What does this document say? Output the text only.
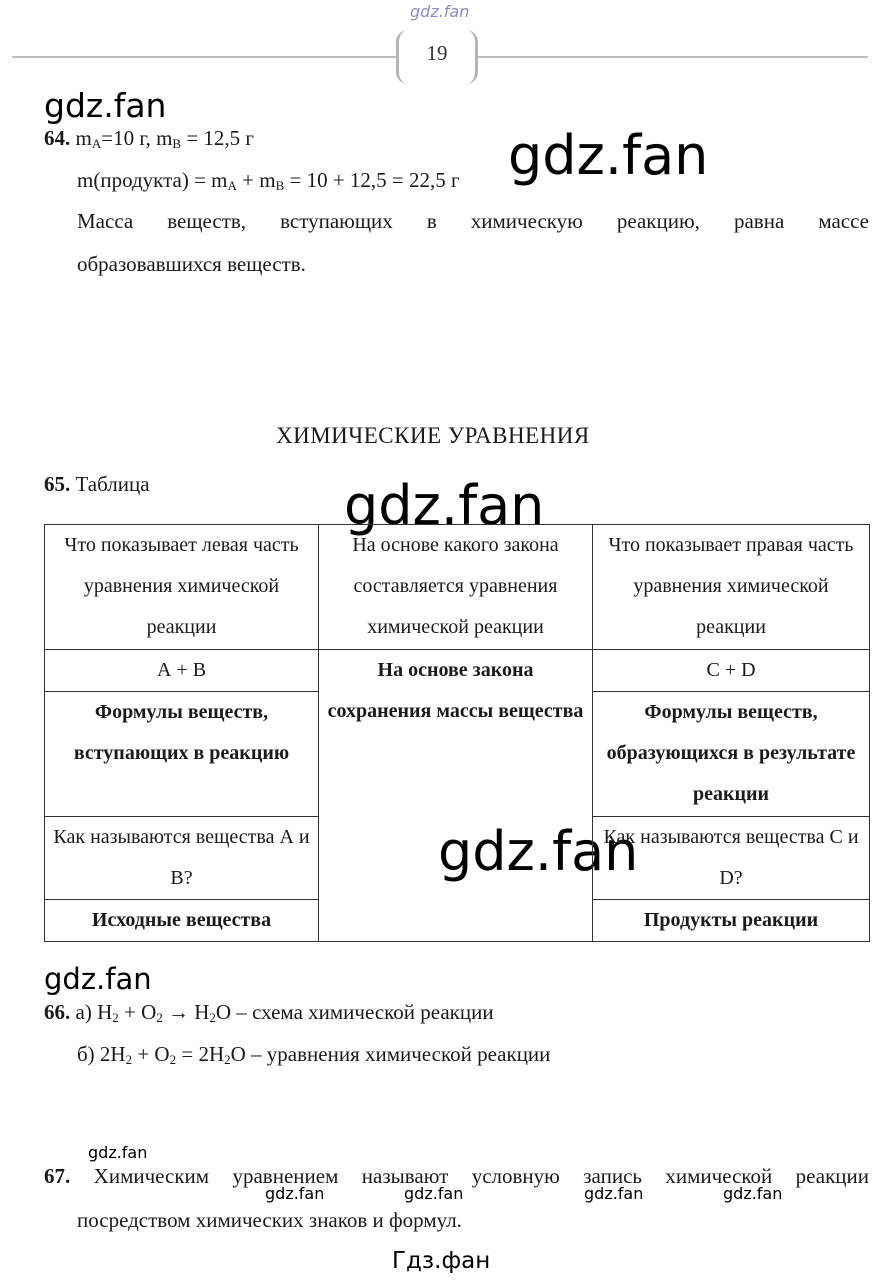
gdz.fan
19
gdz.fan
gdz.fan
gdz.fan
gdz.fan
gdz.fan
gdz.fan
gdz.fan	gdz.fan	gdz.fan	gdz.fan
Гдз.фан
64. $m_A=10$ г, $m_B = 12,5$ г
m(продукта) = $m_A + m_B = 10 + 12,5 = 22,5$ г
Масса веществ, вступающих в химическую реакцию, равна массе
образовавшихся веществ.
ХИМИЧЕСКИЕ УРАВНЕНИЯ
65. Таблица
Что показывает левая часть уравнения химической реакции	На основе какого закона составляется уравнения химической реакции	Что показывает правая часть уравнения химической реакции
А + В	На основе закона сохранения массы вещества	С + D
Формулы веществ, вступающих в реакцию		Формулы веществ, образующихся в результате реакции
Как называются вещества А и В?		Как называются вещества С и D?
Исходные вещества		Продукты реакции
66. а) $H_2 + O_2 \to H_2O$ – схема химической реакции
б) $2H_2 + O_2 = 2H_2O$ – уравнения химической реакции
67. Химическим уравнением называют условную запись химической реакции
посредством химических знаков и формул.
